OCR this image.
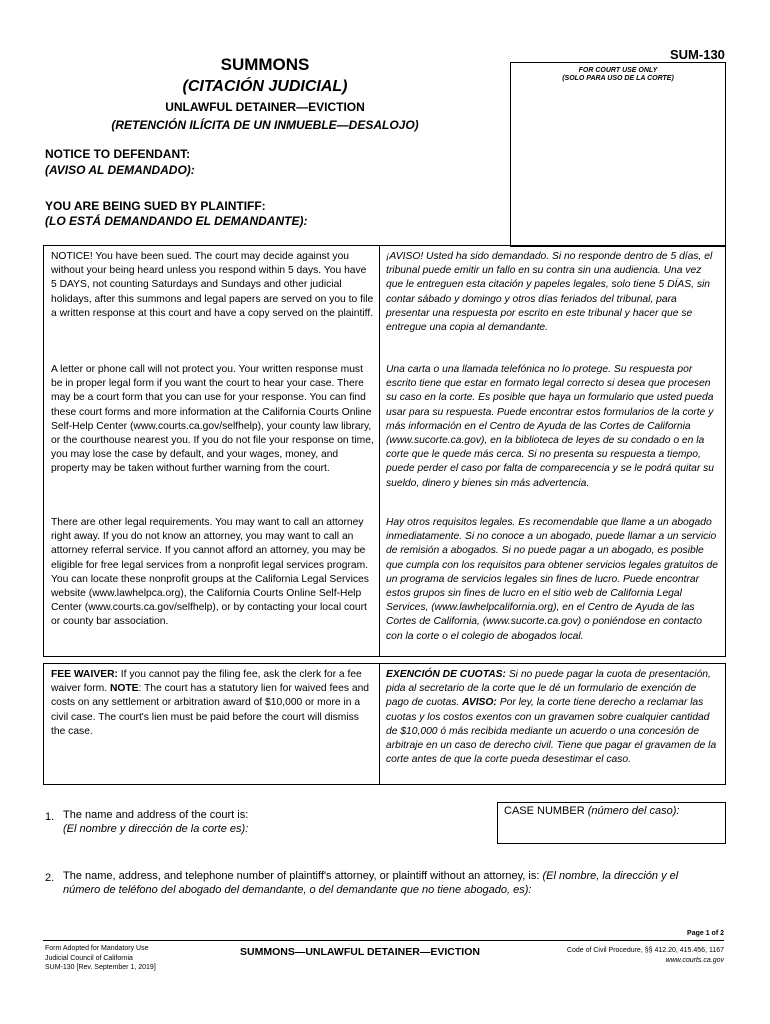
SUM-130
FOR COURT USE ONLY
(SOLO PARA USO DE LA CORTE)
SUMMONS
(CITACIÓN JUDICIAL)
UNLAWFUL DETAINER—EVICTION
(RETENCIÓN ILÍCITA DE UN INMUEBLE—DESALOJO)
NOTICE TO DEFENDANT:
(AVISO AL DEMANDADO):
YOU ARE BEING SUED BY PLAINTIFF:
(LO ESTÁ DEMANDANDO EL DEMANDANTE):

NOTICE! You have been sued. The court may decide against you without your being heard unless you respond within 5 days. You have 5 DAYS, not counting Saturdays and Sundays and other judicial holidays, after this summons and legal papers are served on you to file a written response at this court and have a copy served on the plaintiff.

A letter or phone call will not protect you. Your written response must be in proper legal form if you want the court to hear your case. There may be a court form that you can use for your response. You can find these court forms and more information at the California Courts Online Self-Help Center (www.courts.ca.gov/selfhelp), your county law library, or the courthouse nearest you. If you do not file your response on time, you may lose the case by default, and your wages, money, and property may be taken without further warning from the court.

There are other legal requirements. You may want to call an attorney right away. If you do not know an attorney, you may want to call an attorney referral service. If you cannot afford an attorney, you may be eligible for free legal services from a nonprofit legal services program. You can locate these nonprofit groups at the California Legal Services website (www.lawhelpca.org), the California Courts Online Self-Help Center (www.courts.ca.gov/selfhelp), or by contacting your local court or county bar association.

¡AVISO! Usted ha sido demandado. Si no responde dentro de 5 días, el tribunal puede emitir un fallo en su contra sin una audiencia. Una vez que le entreguen esta citación y papeles legales, solo tiene 5 DÍAS, sin contar sábado y domingo y otros días feriados del tribunal, para presentar una respuesta por escrito en este tribunal y hacer que se entregue una copia al demandante.

Una carta o una llamada telefónica no lo protege. Su respuesta por escrito tiene que estar en formato legal correcto si desea que procesen su caso en la corte. Es posible que haya un formulario que usted pueda usar para su respuesta. Puede encontrar estos formularios de la corte y más información en el Centro de Ayuda de las Cortes de California (www.sucorte.ca.gov), en la biblioteca de leyes de su condado o en la corte que le quede más cerca. Si no presenta su respuesta a tiempo, puede perder el caso por falta de comparecencia y se le podrá quitar su sueldo, dinero y bienes sin más advertencia.

Hay otros requisitos legales. Es recomendable que llame a un abogado inmediatamente. Si no conoce a un abogado, puede llamar a un servicio de remisión a abogados. Si no puede pagar a un abogado, es posible que cumpla con los requisitos para obtener servicios legales gratuitos de un programa de servicios legales sin fines de lucro. Puede encontrar estos grupos sin fines de lucro en el sitio web de California Legal Services, (www.lawhelpcalifornia.org), en el Centro de Ayuda de las Cortes de California, (www.sucorte.ca.gov) o poniéndose en contacto con la corte o el colegio de abogados local.

FEE WAIVER: If you cannot pay the filing fee, ask the clerk for a fee waiver form. NOTE: The court has a statutory lien for waived fees and costs on any settlement or arbitration award of $10,000 or more in a civil case. The court's lien must be paid before the court will dismiss the case.

EXENCIÓN DE CUOTAS: Si no puede pagar la cuota de presentación, pida al secretario de la corte que le dé un formulario de exención de pago de cuotas. AVISO: Por ley, la corte tiene derecho a reclamar las cuotas y los costos exentos con un gravamen sobre cualquier cantidad de $10,000 ó más recibida mediante un acuerdo o una concesión de arbitraje en un caso de derecho civil. Tiene que pagar el gravamen de la corte antes de que la corte pueda desestimar el caso.

1. The name and address of the court is:
(El nombre y dirección de la corte es):
CASE NUMBER (número del caso):
2. The name, address, and telephone number of plaintiff's attorney, or plaintiff without an attorney, is: (El nombre, la dirección y el número de teléfono del abogado del demandante, o del demandante que no tiene abogado, es):
Page 1 of 2
Form Adopted for Mandatory Use
Judicial Council of California
SUM-130 [Rev. September 1, 2019]
SUMMONS—UNLAWFUL DETAINER—EVICTION	Code of Civil Procedure, §§ 412.20, 415.456, 1167
www.courts.ca.gov
